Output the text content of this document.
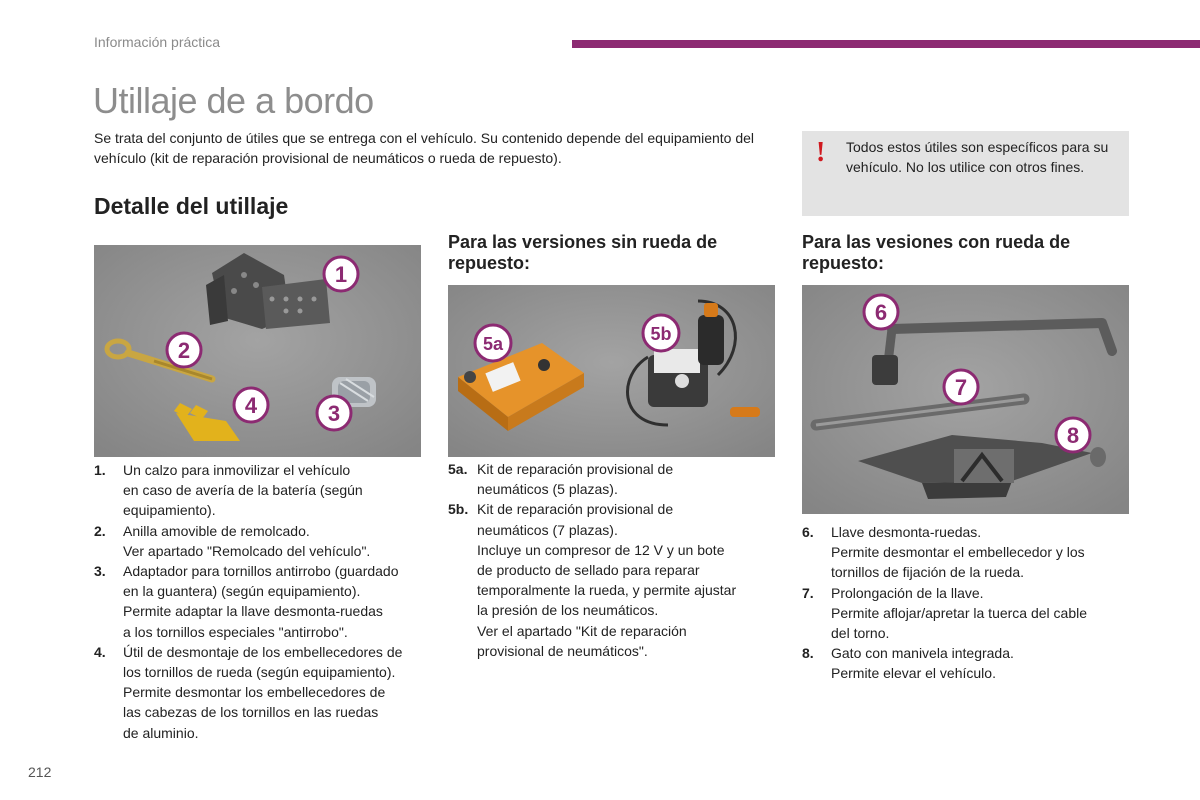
Información práctica
Utillaje de a bordo

Se trata del conjunto de útiles que se entrega con el vehículo. Su contenido depende del equipamiento del vehículo (kit de reparación provisional de neumáticos o rueda de repuesto).	! Todos estos útiles son específicos para su vehículo. No los utilice con otros fines.

Detalle del utillaje
Para las versiones sin rueda de repuesto:
Para las vesiones con rueda de repuesto:
1
2
3
4
5a	5b
6
7
8
1.	Un calzo para inmovilizar el vehículo
en caso de avería de la batería (según
equipamiento).
2.	Anilla amovible de remolcado.
Ver apartado "Remolcado del vehículo".
3.	Adaptador para tornillos antirrobo (guardado
en la guantera) (según equipamiento).
Permite adaptar la llave desmonta-ruedas
a los tornillos especiales "antirrobo".
4.	Útil de desmontaje de los embellecedores de
los tornillos de rueda (según equipamiento).
Permite desmontar los embellecedores de
las cabezas de los tornillos en las ruedas
de aluminio.
5a. Kit de reparación provisional de
neumáticos (5 plazas).
5b. Kit de reparación provisional de
neumáticos (7 plazas).
Incluye un compresor de 12 V y un bote
de producto de sellado para reparar
temporalmente la rueda, y permite ajustar
la presión de los neumáticos.
Ver el apartado "Kit de reparación
provisional de neumáticos".
6.	Llave desmonta-ruedas.
Permite desmontar el embellecedor y los
tornillos de fijación de la rueda.
7.	Prolongación de la llave.
Permite aflojar/apretar la tuerca del cable
del torno.
8.	Gato con manivela integrada.
Permite elevar el vehículo.
212
